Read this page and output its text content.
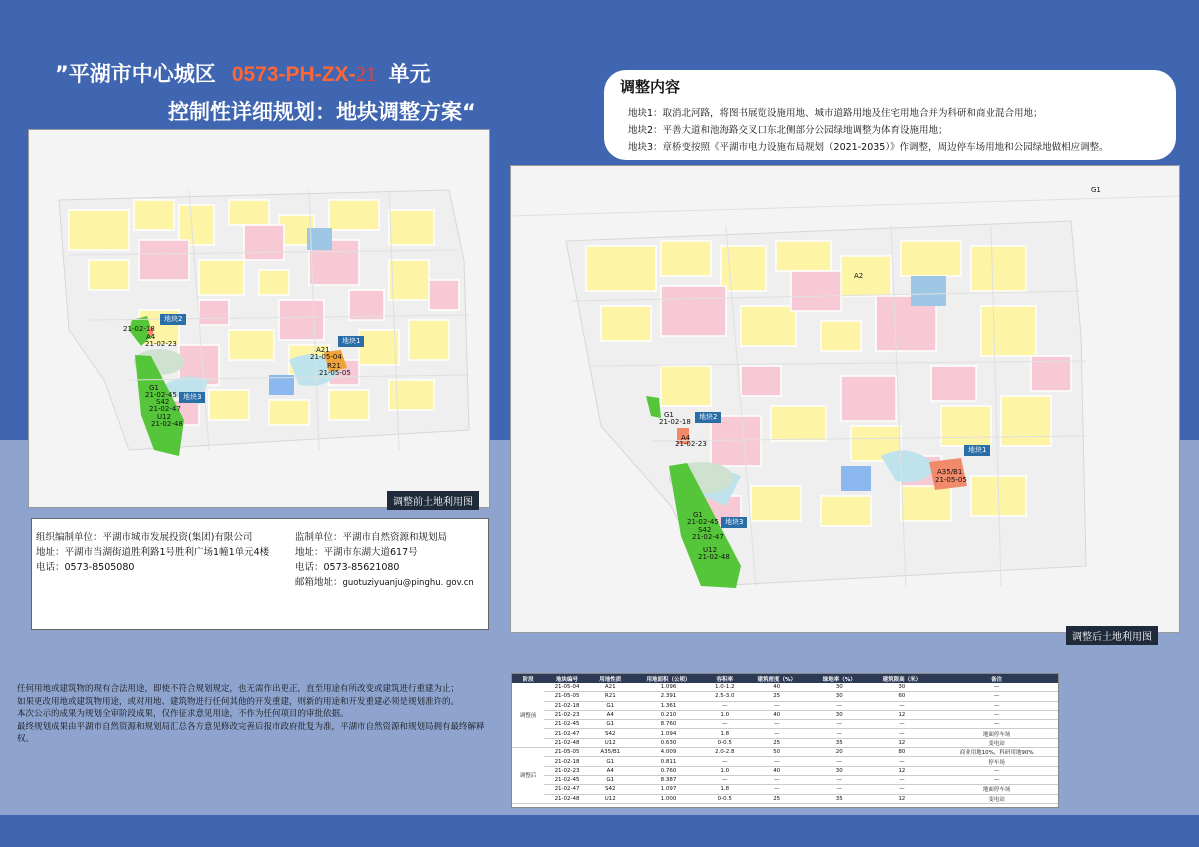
”平湖市中心城区 0573-PH-ZX-21 单元
控制性详细规划：地块调整方案“
调整内容
地块1：取消北河路，将图书展览设施用地、城市道路用地及住宅用地合并为科研和商业混合用地；
地块2：平善大道和池海路交叉口东北侧部分公园绿地调整为体育设施用地；
地块3：章桥变按照《平湖市电力设施布局规划（2021-2035）》作调整，周边停车场用地和公园绿地做相应调整。
地块2
地块1
地块3
21-02-18
A4
21-02-23
A21
21-05-04
R21
21-05-05
G1
21-02-45
S42
21-02-47
U12
21-02-48
调整前土地利用图
G1
A2
地块2
地块1
地块3
G1
21-02-18
A4
21-02-23
A35/B1
21-05-05
G1
21-02-45
S42
21-02-47
U12
21-02-48
调整后土地利用图
组织编制单位：平湖市城市发展投资(集团)有限公司
地址：平湖市当湖街道胜利路1号胜利广场1幢1单元4楼
电话：0573-8505080
监制单位：平湖市自然资源和规划局
地址：平湖市东湖大道617号
电话：0573-85621080
邮箱地址：guotuziyuanju@pinghu. gov.cn

任何用地或建筑物的现有合法用途，即使不符合规划规定，也无需作出更正，直至用途有所改变或建筑进行重建为止；

如果更改用地或建筑物用途，或对用地、建筑物进行任何其他的开发重建，则新的用途和开发重建必须是规划准许的。

本次公示的成果为规划全审阶段成果，仅作征求意见用途，不作为任何项目的审批依据。

最终规划成果由平湖市自然资源和规划局汇总各方意见修改完善后报市政府批复为准，平湖市自然资源和规划局拥有最终解释权。

阶段	地块编号	用地性质	用地面积（公顷）	容积率	建筑密度（%）	绿地率（%）	建筑限高（米）	备注
调整前	21-05-04	A21	1.096	1.0-1.2	40	30	30	—
	21-05-05	R21	2.391	2.5-3.0	25	30	60	—
	21-02-18	G1	1.361	—	—	—	—	—
	21-02-23	A4	0.210	1.0	40	30	12	—
	21-02-45	G1	8.760	—	—	—	—	—
	21-02-47	S42	1.094	1.8	—	—	—	地面停车场
	21-02-48	U12	0.630	0-0.5	25	35	12	变电站
调整后	21-05-05	A35/B1	4.009	2.0-2.8	50	20	80	商业用地10%，科研用地90%
	21-02-18	G1	0.811	—	—	—	—	停车场
	21-02-23	A4	0.760	1.0	40	30	12	—
	21-02-45	G1	8.387	—	—	—	—	—
	21-02-47	S42	1.097	1.8	—	—	—	地面停车场
	21-02-48	U12	1.000	0-0.5	25	35	12	变电站
